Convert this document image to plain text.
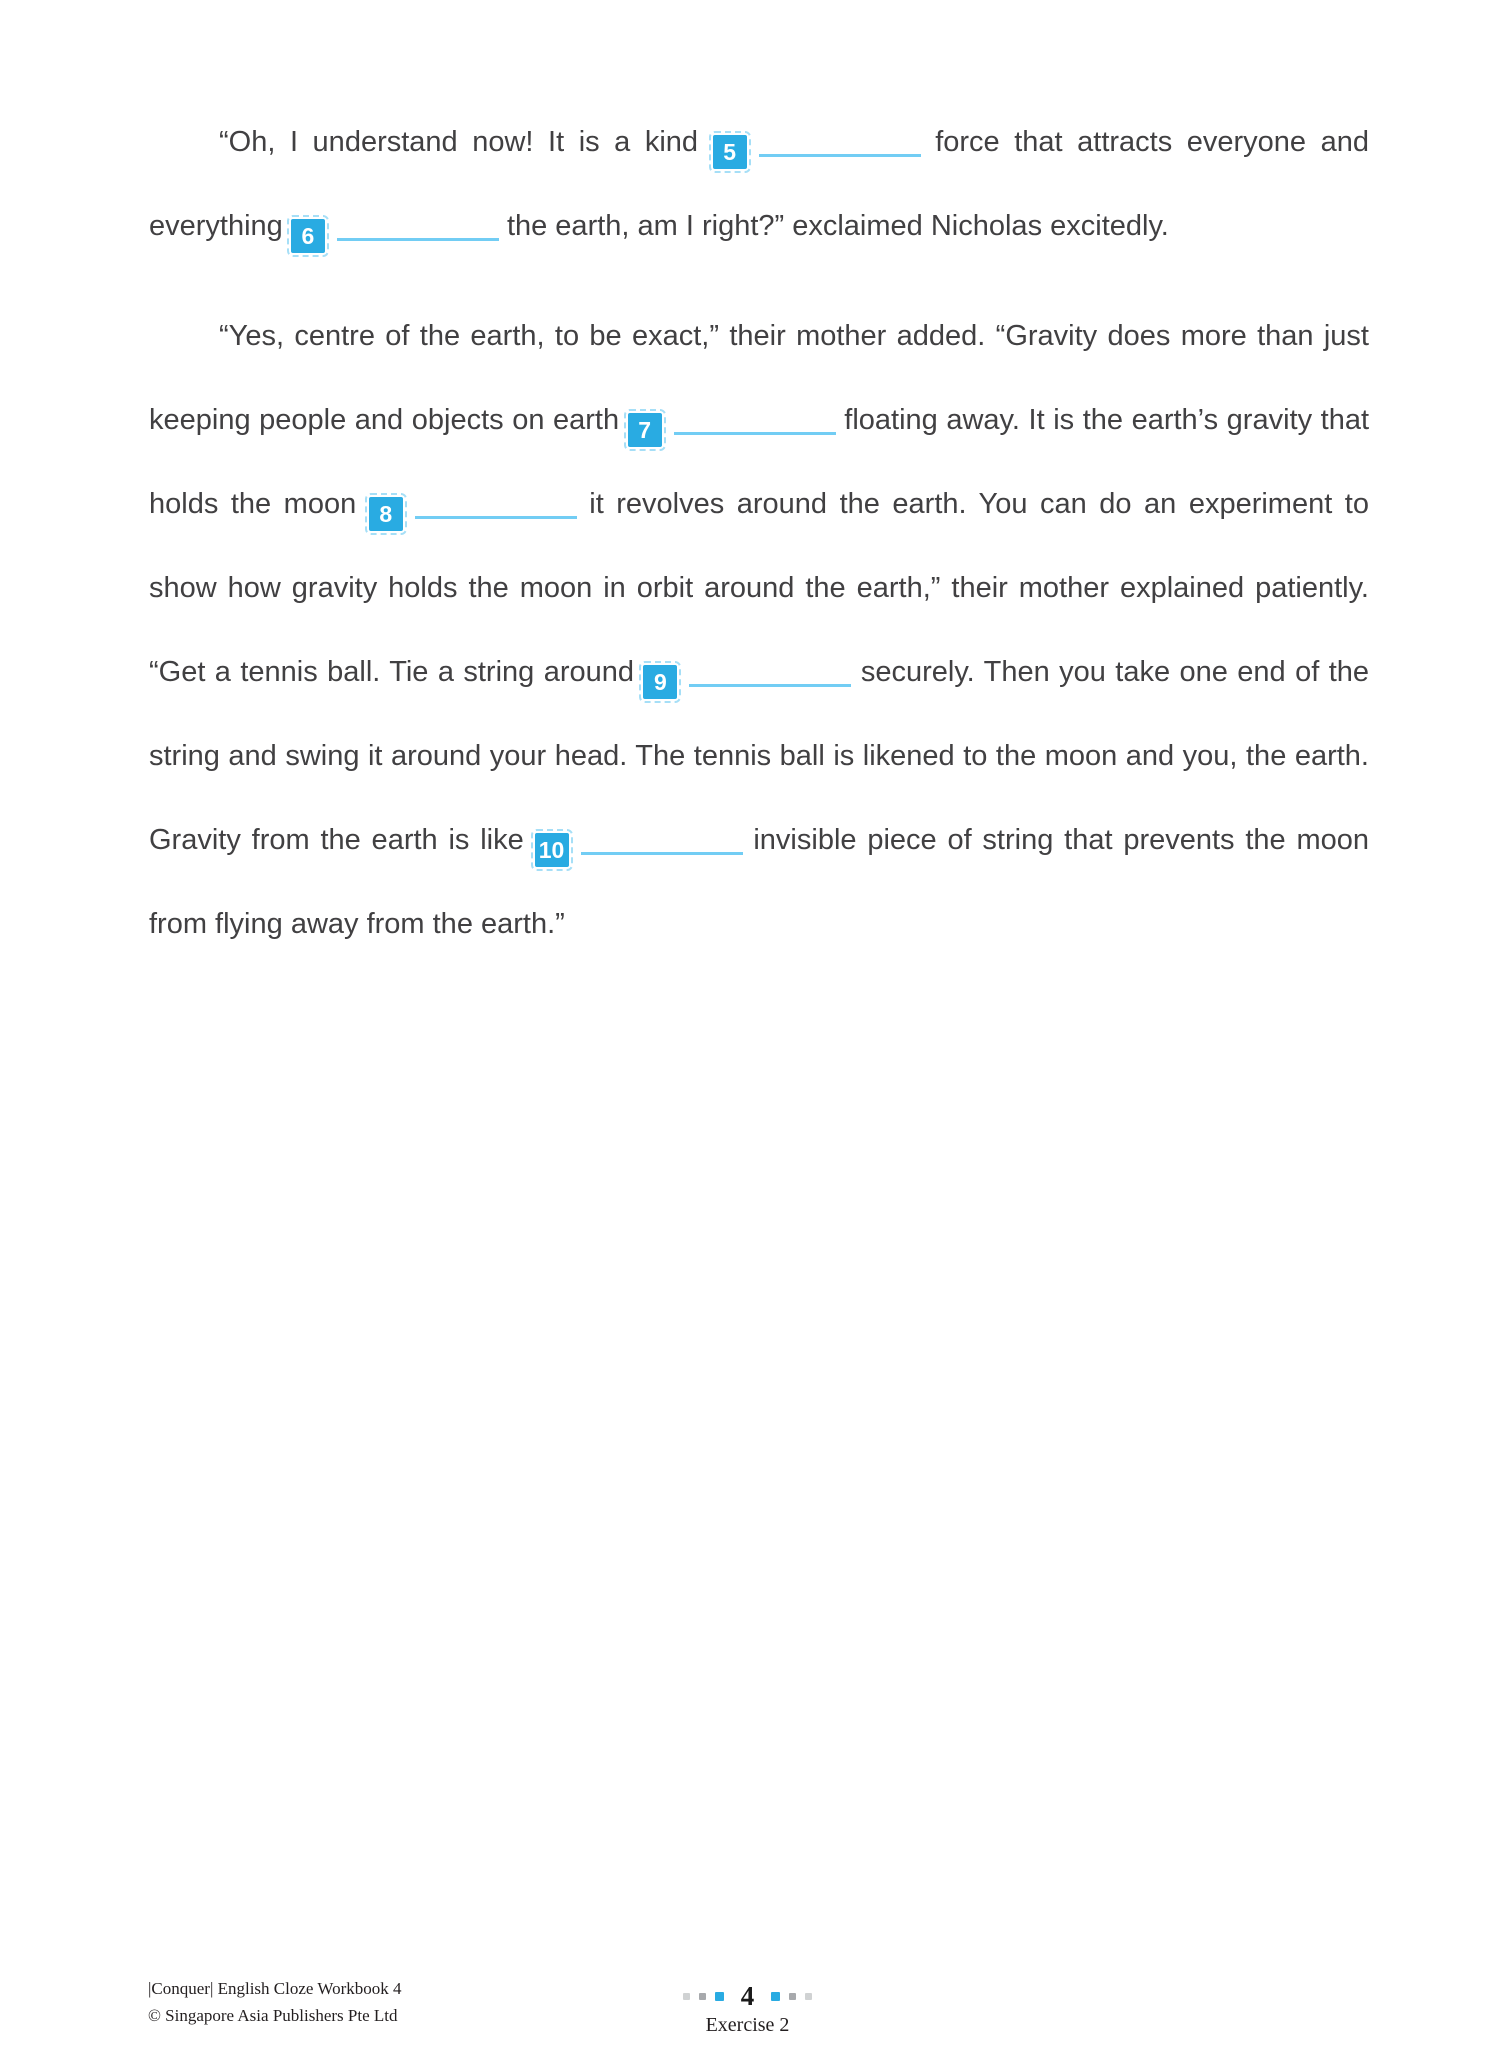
“Oh, I understand now! It is a kind 5	force that attracts everyone and everything 6	the earth, am I right?” exclaimed Nicholas excitedly.

“Yes, centre of the earth, to be exact,” their mother added. “Gravity does more than just keeping people and objects on earth 7	floating away. It is the earth’s gravity that holds the moon 8	it revolves around the earth. You can do an experiment to show how gravity holds the moon in orbit around the earth,” their mother explained patiently. “Get a tennis ball. Tie a string around 9	securely. Then you take one end of the string and swing it around your head. The tennis ball is likened to the moon and you, the earth. Gravity from the earth is like 10	invisible piece of string that prevents the moon from flying away from the earth.”

|Conquer| English Cloze Workbook 4
© Singapore Asia Publishers Pte Ltd
4
Exercise 2
